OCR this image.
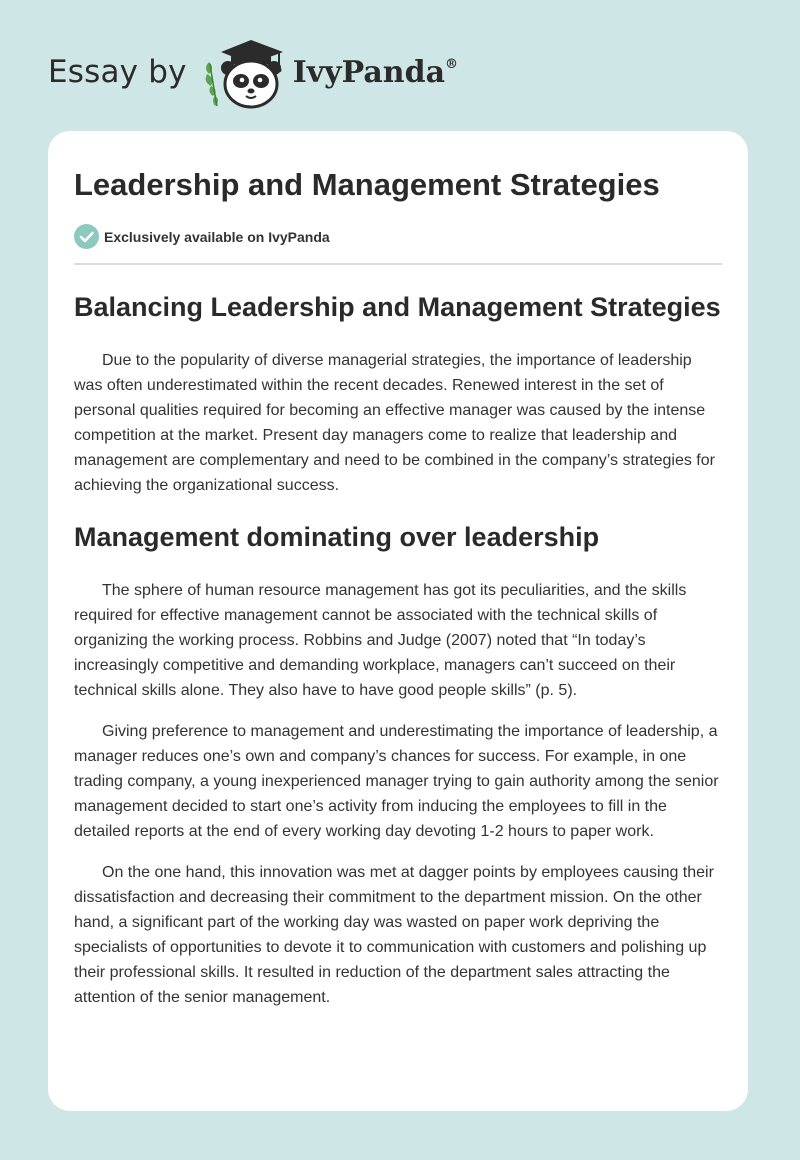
Essay by	IvyPanda®
Leadership and Management Strategies
Exclusively available on IvyPanda
Balancing Leadership and Management Strategies

Due to the popularity of diverse managerial strategies, the importance of leadership was often underestimated within the recent decades. Renewed interest in the set of personal qualities required for becoming an effective manager was caused by the intense competition at the market. Present day managers come to realize that leadership and management are complementary and need to be combined in the company’s strategies for achieving the organizational success.

Management dominating over leadership

The sphere of human resource management has got its peculiarities, and the skills required for effective management cannot be associated with the technical skills of organizing the working process. Robbins and Judge (2007) noted that “In today’s increasingly competitive and demanding workplace, managers can’t succeed on their technical skills alone. They also have to have good people skills” (p. 5).

Giving preference to management and underestimating the importance of leadership, a manager reduces one’s own and company’s chances for success. For example, in one trading company, a young inexperienced manager trying to gain authority among the senior management decided to start one’s activity from inducing the employees to fill in the detailed reports at the end of every working day devoting 1-2 hours to paper work.

On the one hand, this innovation was met at dagger points by employees causing their dissatisfaction and decreasing their commitment to the department mission. On the other hand, a significant part of the working day was wasted on paper work depriving the specialists of opportunities to devote it to communication with customers and polishing up their professional skills. It resulted in reduction of the department sales attracting the attention of the senior management.
